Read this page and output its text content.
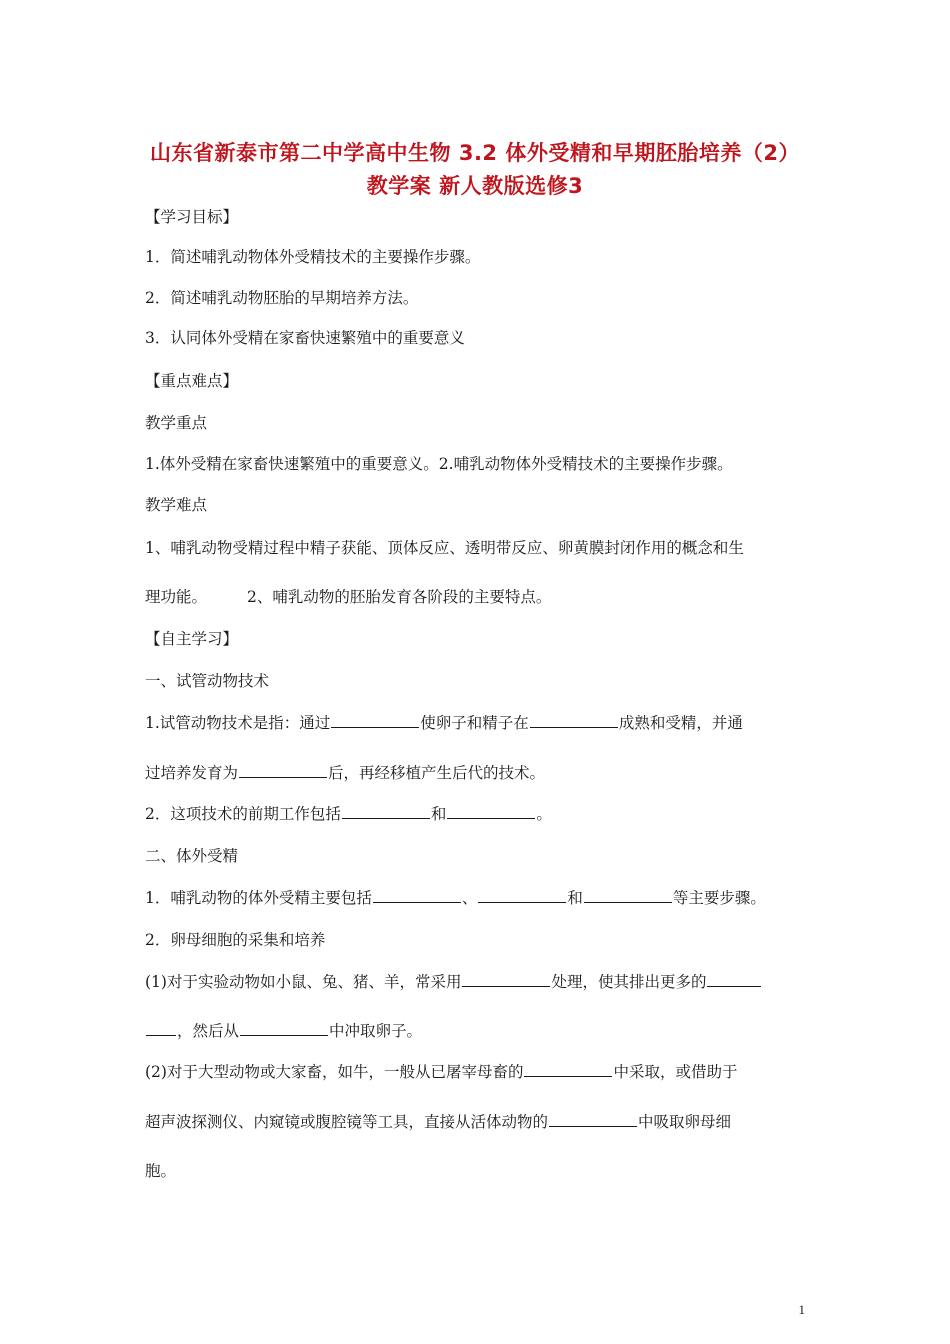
山东省新泰市第二中学高中生物 3.2 体外受精和早期胚胎培养（2）
教学案 新人教版选修3
【学习目标】
1．简述哺乳动物体外受精技术的主要操作步骤。
2．简述哺乳动物胚胎的早期培养方法。
3．认同体外受精在家畜快速繁殖中的重要意义
【重点难点】
教学重点
1.体外受精在家畜快速繁殖中的重要意义。2.哺乳动物体外受精技术的主要操作步骤。
教学难点
1、哺乳动物受精过程中精子获能、顶体反应、透明带反应、卵黄膜封闭作用的概念和生
理功能。	2、哺乳动物的胚胎发育各阶段的主要特点。
【自主学习】
一、试管动物技术
1.试管动物技术是指：通过	使卵子和精子在	成熟和受精，并通
过培养发育为	后，再经移植产生后代的技术。
2．这项技术的前期工作包括	和	。
二、体外受精
1．哺乳动物的体外受精主要包括	、	和	等主要步骤。
2．卵母细胞的采集和培养
(1)对于实验动物如小鼠、兔、猪、羊，常采用	处理，使其排出更多的
，然后从	中冲取卵子。
(2)对于大型动物或大家畜，如牛，一般从已屠宰母畜的	中采取，或借助于
超声波探测仪、内窥镜或腹腔镜等工具，直接从活体动物的	中吸取卵母细
胞。
1
